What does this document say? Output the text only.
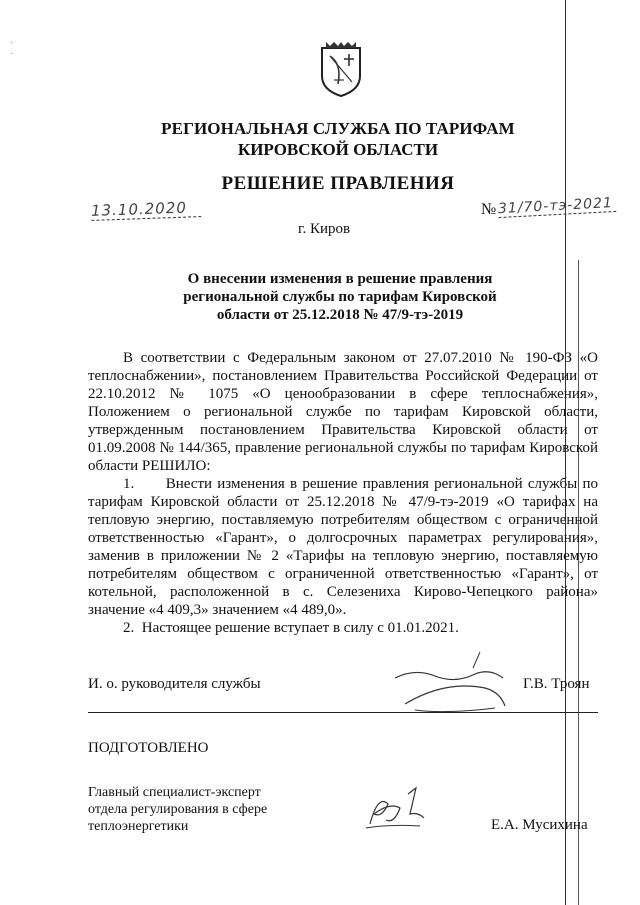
·
·
РЕГИОНАЛЬНАЯ СЛУЖБА ПО ТАРИФАМ
КИРОВСКОЙ ОБЛАСТИ
РЕШЕНИЕ ПРАВЛЕНИЯ
13.10.2020	№ 31/70-тэ-2021
г. Киров
О внесении изменения в решение правления
региональной службы по тарифам Кировской
области от 25.12.2018 № 47/9-тэ-2019

В соответствии с Федеральным законом от 27.07.2010 № 190-ФЗ «О теплоснабжении», постановлением Правительства Российской Федерации от 22.10.2012 № 1075 «О ценообразовании в сфере теплоснабжения», Положением о региональной службе по тарифам Кировской области, утвержденным постановлением Правительства Кировской области от 01.09.2008 № 144/365, правление региональной службы по тарифам Кировской области РЕШИЛО:

1.      Внести изменения в решение правления региональной службы по тарифам Кировской области от 25.12.2018 № 47/9-тэ-2019 «О тарифах на тепловую энергию, поставляемую потребителям обществом с ограниченной ответственностью «Гарант», о долгосрочных параметрах регулирования», заменив в приложении № 2 «Тарифы на тепловую энергию, поставляемую потребителям обществом с ограниченной ответственностью «Гарант», от котельной, расположенной в с. Селезениха Кирово-Чепецкого района» значение «4 409,3» значением «4 489,0».

2.  Настоящее решение вступает в силу с 01.01.2021.

И. о. руководителя службы	Г.В. Троян
ПОДГОТОВЛЕНО
Главный специалист-эксперт
отдела регулирования в сфере
теплоэнергетики	Е.А. Мусихина
